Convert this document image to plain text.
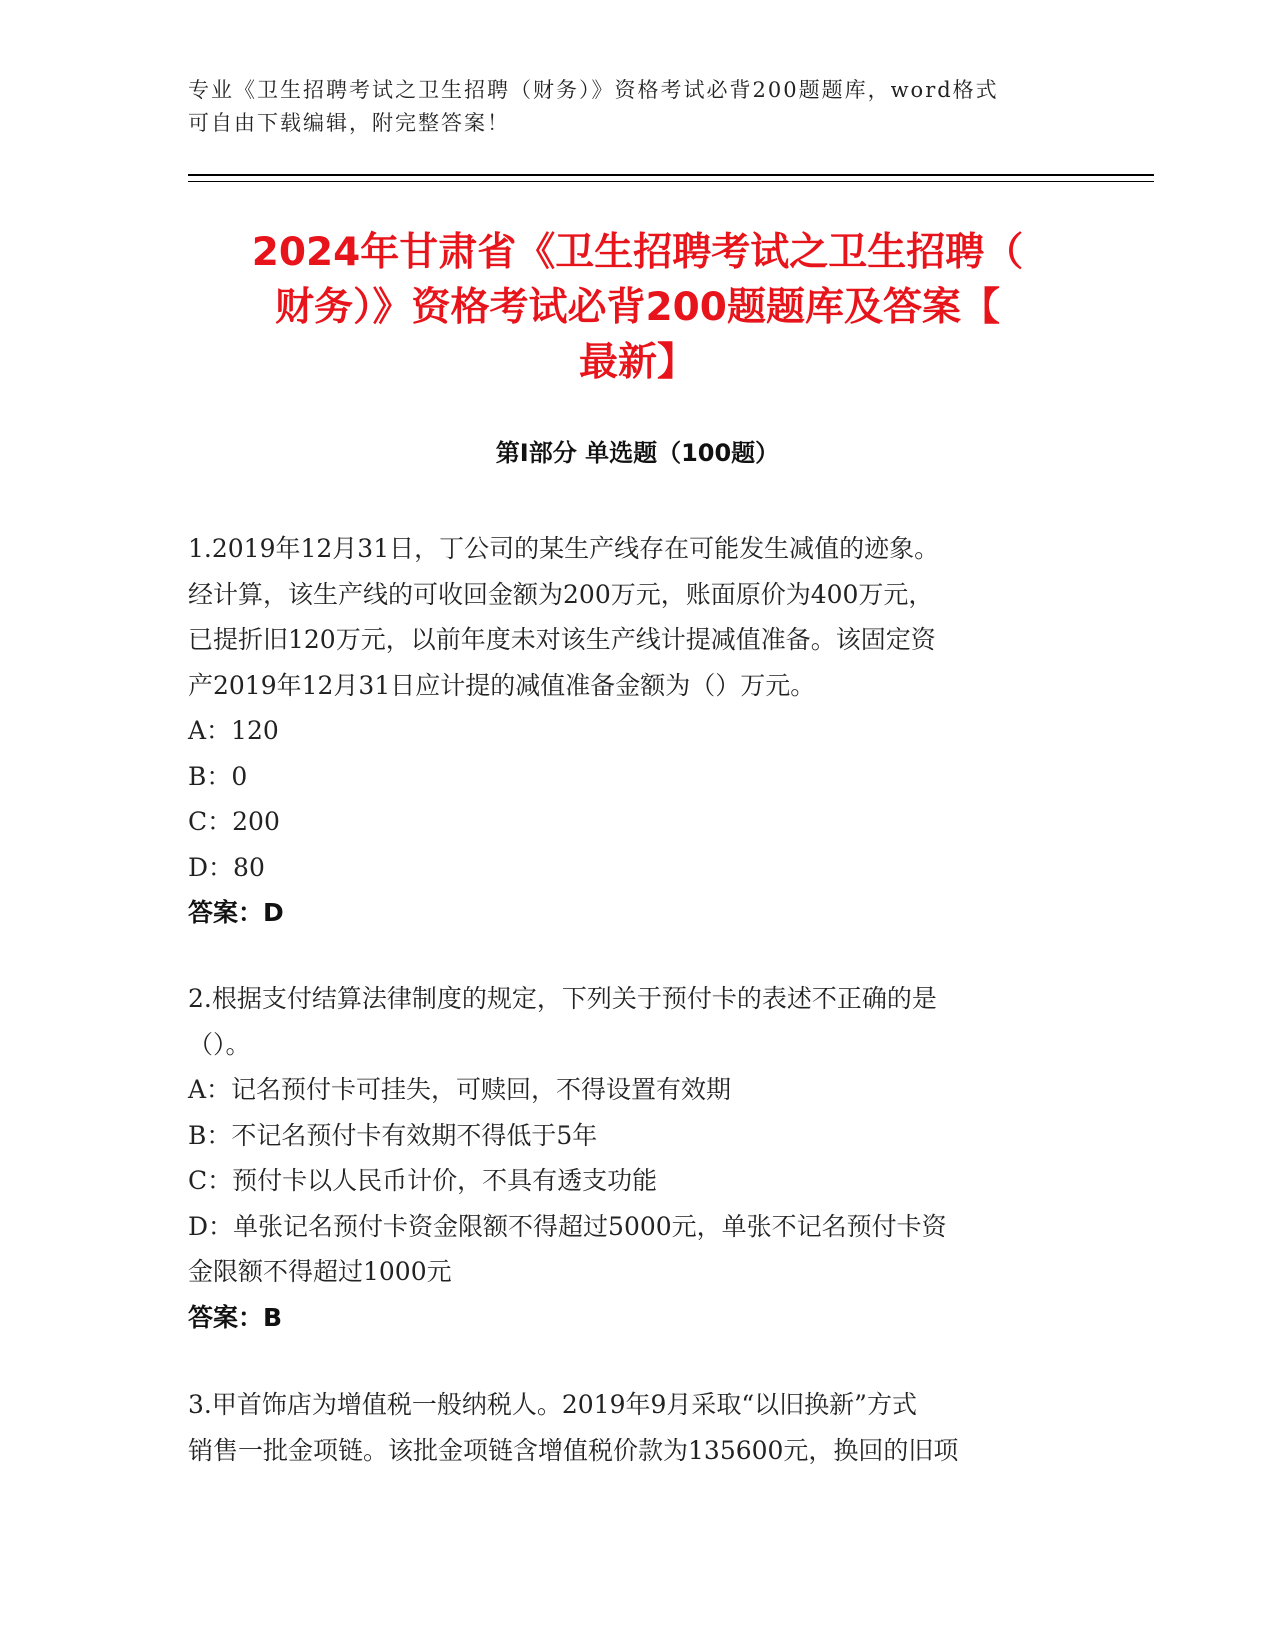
专业《卫生招聘考试之卫生招聘（财务）》资格考试必背200题题库，word格式
可自由下载编辑，附完整答案！
2024年甘肃省《卫生招聘考试之卫生招聘（
财务）》资格考试必背200题题库及答案【
最新】
第Ⅰ部分 单选题（100题）
1.2019年12月31日，丁公司的某生产线存在可能发生减值的迹象。
经计算，该生产线的可收回金额为200万元，账面原价为400万元，
已提折旧120万元，以前年度未对该生产线计提减值准备。该固定资
产2019年12月31日应计提的减值准备金额为（）万元。
A：120
B：0
C：200
D：80
答案：D
2.根据支付结算法律制度的规定，下列关于预付卡的表述不正确的是
（）。
A：记名预付卡可挂失，可赎回，不得设置有效期
B：不记名预付卡有效期不得低于5年
C：预付卡以人民币计价，不具有透支功能
D：单张记名预付卡资金限额不得超过5000元，单张不记名预付卡资
金限额不得超过1000元
答案：B
3.甲首饰店为增值税一般纳税人。2019年9月采取“以旧换新”方式
销售一批金项链。该批金项链含增值税价款为135600元，换回的旧项
